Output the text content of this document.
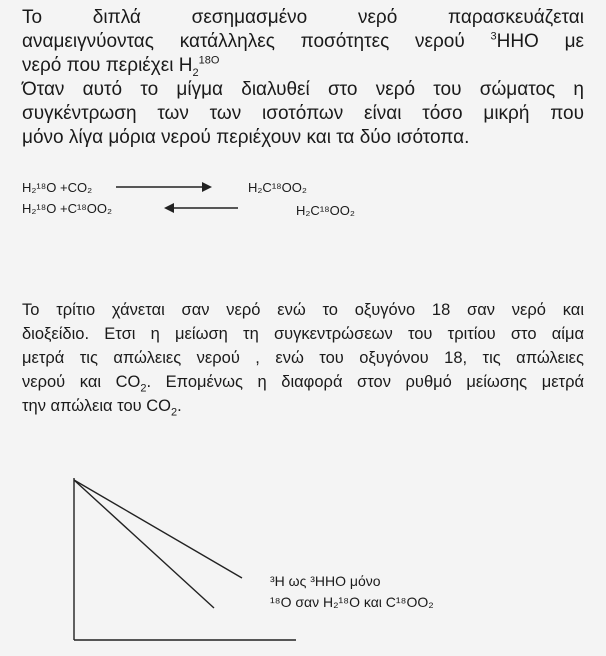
Το διπλά σεσημασμένο νερό παρασκευάζεται
αναμειγνύοντας κατάλληλες ποσότητες νερού $^3$ΗΗΟ με
νερό που περιέχει $H_2^{18O}$
Όταν αυτό το μίγμα διαλυθεί στο νερό του σώματος η
συγκέντρωση των των ισοτόπων είναι τόσο μικρή που
μόνο λίγα μόρια νερού περιέχουν και τα δύο ισότοπα.
H₂¹⁸O +CO₂	H₂C¹⁸OO₂
H₂¹⁸O +C¹⁸OO₂	H₂C¹⁸OO₂
Το τρίτιο χάνεται σαν νερό ενώ το οξυγόνο 18 σαν νερό και
διοξείδιο. Ετσι η μείωση τη συγκεντρώσεων του τριτίου στο αίμα
μετρά τις απώλειες νερού , ενώ του οξυγόνου 18, τις απώλειες
νερού και $CO_2$. Επομένως η διαφορά στον ρυθμό μείωσης μετρά
την απώλεια του $CO_2$.
³H ως ³HHO μόνο
¹⁸O σαν H₂¹⁸O και C¹⁸OO₂
